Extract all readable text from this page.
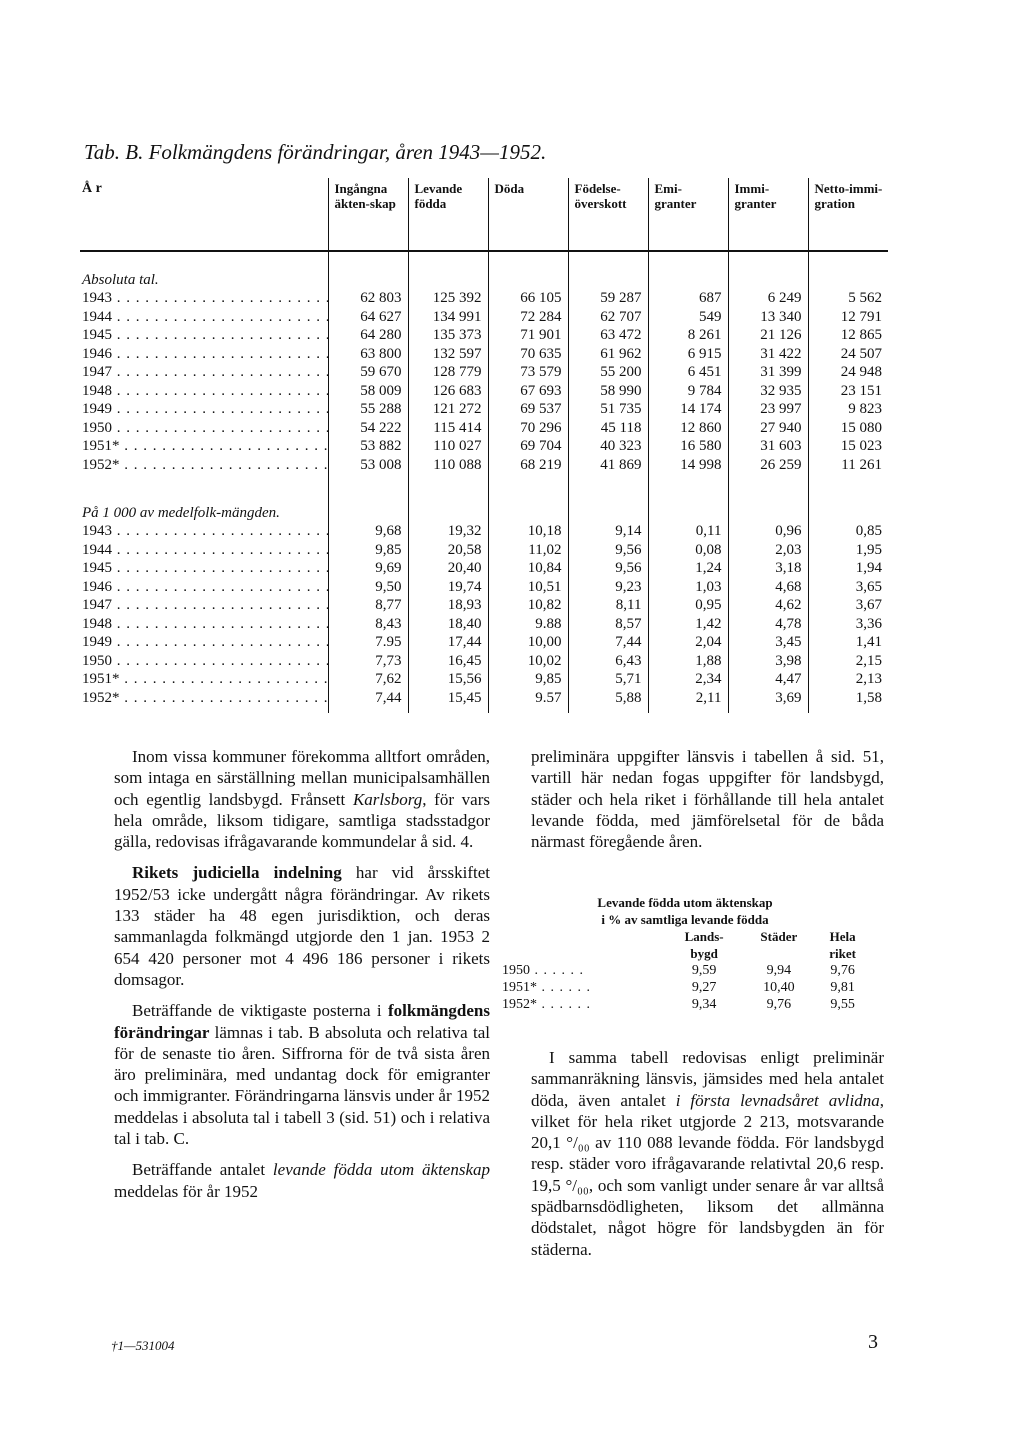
Tab. B. Folkmängdens förändringar, åren 1943—1952.
Å r	Ingångna äkten-skap	Levande födda	Döda	Födelse-överskott	Emi-granter	Immi-granter	Netto-immi-gration
Absoluta tal.							
1943 . . .	62 803	125 392	66 105	59 287	687	6 249	5 562
1944 . . .	64 627	134 991	72 284	62 707	549	13 340	12 791
1945 . . .	64 280	135 373	71 901	63 472	8 261	21 126	12 865
1946 . . .	63 800	132 597	70 635	61 962	6 915	31 422	24 507
1947 . . .	59 670	128 779	73 579	55 200	6 451	31 399	24 948
1948 . . .	58 009	126 683	67 693	58 990	9 784	32 935	23 151
1949 . . .	55 288	121 272	69 537	51 735	14 174	23 997	9 823
1950 . . .	54 222	115 414	70 296	45 118	12 860	27 940	15 080
1951* . . .	53 882	110 027	69 704	40 323	16 580	31 603	15 023
1952* . . .	53 008	110 088	68 219	41 869	14 998	26 259	11 261
På 1 000 av medelfolk-mängden.							
1943 . . .	9,68	19,32	10,18	9,14	0,11	0,96	0,85
1944 . . .	9,85	20,58	11,02	9,56	0,08	2,03	1,95
1945 . . .	9,69	20,40	10,84	9,56	1,24	3,18	1,94
1946 . . .	9,50	19,74	10,51	9,23	1,03	4,68	3,65
1947 . . .	8,77	18,93	10,82	8,11	0,95	4,62	3,67
1948 . . .	8,43	18,40	9.88	8,57	1,42	4,78	3,36
1949 . . .	7.95	17,44	10,00	7,44	2,04	3,45	1,41
1950 . . .	7,73	16,45	10,02	6,43	1,88	3,98	2,15
1951* . . .	7,62	15,56	9,85	5,71	2,34	4,47	2,13
1952* . . .	7,44	15,45	9.57	5,88	2,11	3,69	1,58

Inom vissa kommuner förekomma alltfort områden, som intaga en särställning mellan municipalsamhällen och egentlig landsbygd. Frånsett Karlsborg, för vars hela område, liksom tidigare, samtliga stadsstadgor gälla, redovisas ifrågavarande kommundelar å sid. 4.

Rikets judiciella indelning har vid årsskiftet 1952/53 icke undergått några förändringar. Av rikets 133 städer ha 48 egen jurisdiktion, och deras sammanlagda folkmängd utgjorde den 1 jan. 1953 2 654 420 personer mot 4 496 186 personer i rikets domsagor.

Beträffande de viktigaste posterna i folkmängdens förändringar lämnas i tab. B absoluta och relativa tal för de senaste tio åren. Siffrorna för de två sista åren äro preliminära, med undantag dock för emigranter och immigranter. Förändringarna länsvis under år 1952 meddelas i absoluta tal i tabell 3 (sid. 51) och i relativa tal i tab. C.

Beträffande antalet levande födda utom äktenskap meddelas för år 1952

preliminära uppgifter länsvis i tabellen å sid. 51, vartill här nedan fogas uppgifter för landsbygd, städer och hela riket i förhållande till hela antalet levande födda, med jämförelsetal för de båda närmast föregående åren.

Levande födda utom äktenskap			
i % av samtliga levande födda			
	Lands-	Städer	Hela
	bygd		riket
1950 . . .	9,59	9,94	9,76
1951* . . .	9,27	10,40	9,81
1952* . . .	9,34	9,76	9,55

I samma tabell redovisas enligt preliminär sammanräkning länsvis, jämsides med hela antalet döda, även antalet i första levnadsåret avlidna, vilket för hela riket utgjorde 2 213, motsvarande 20,1 °/₀₀ av 110 088 levande födda. För landsbygd resp. städer voro ifrågavarande relativtal 20,6 resp. 19,5 °/₀₀, och som vanligt under senare år var alltså spädbarnsdödligheten, liksom det allmänna dödstalet, något högre för landsbygden än för städerna.

†1—531004	3
